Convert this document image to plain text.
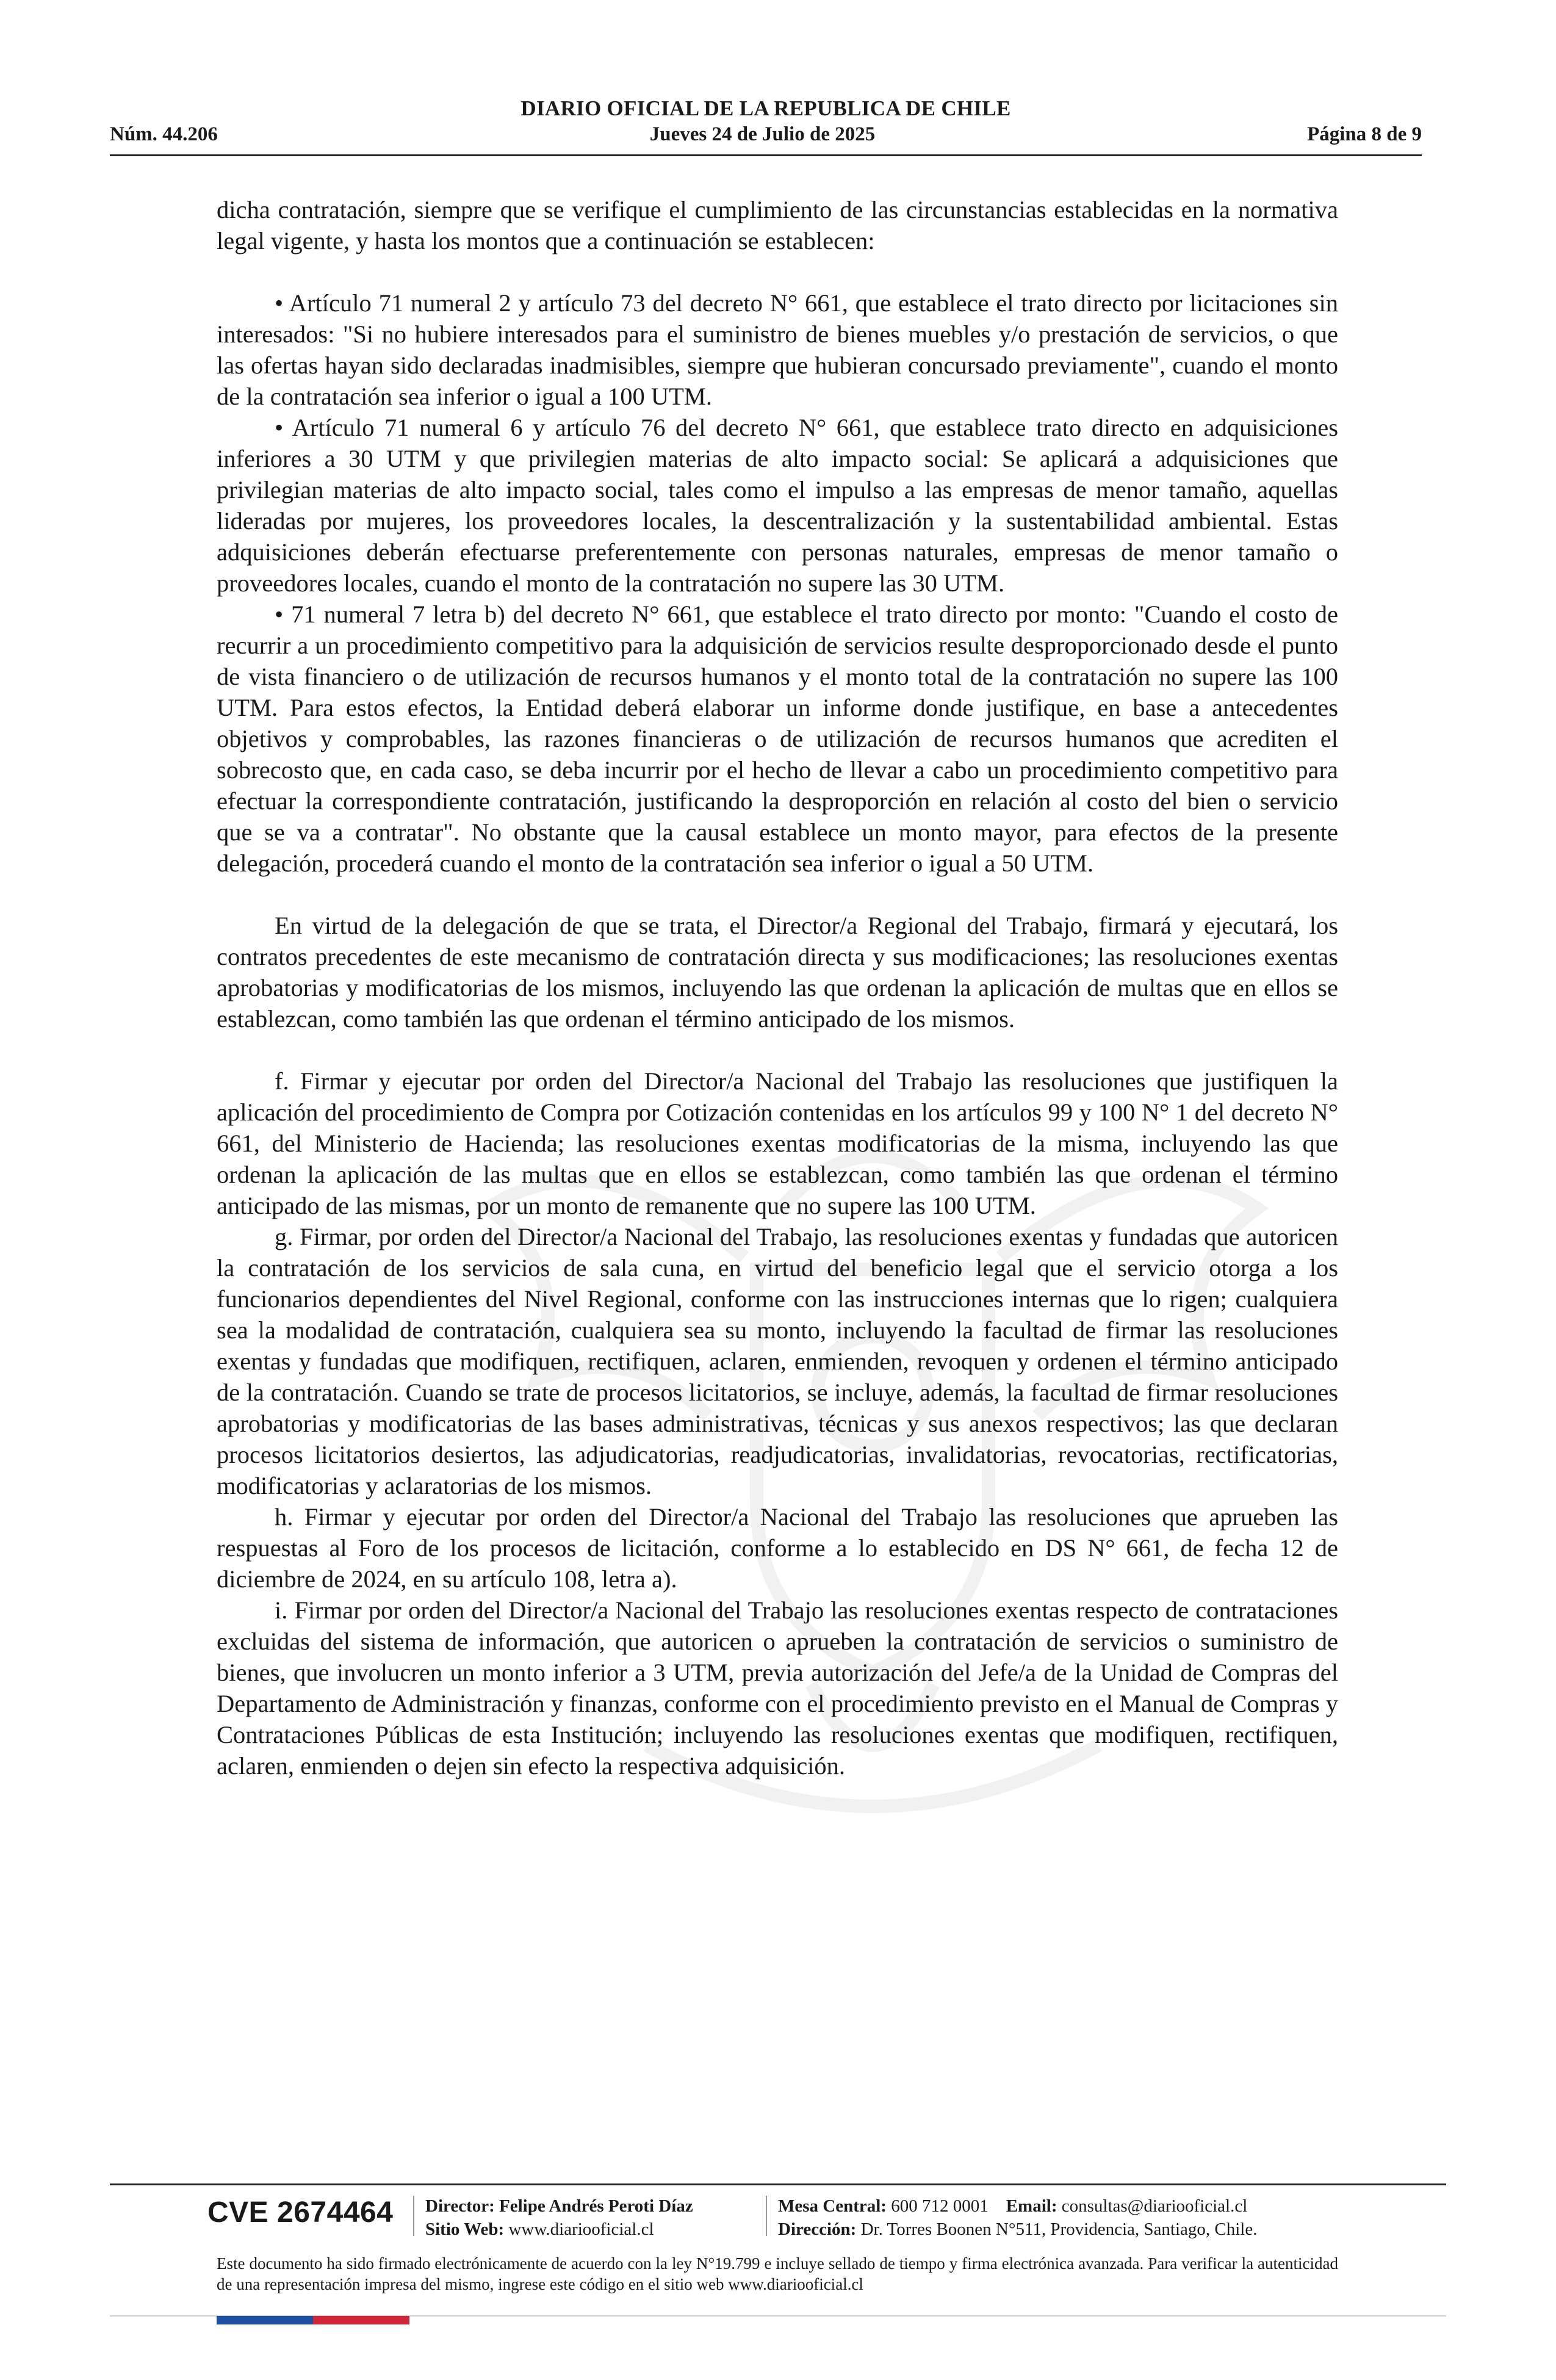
DIARIO OFICIAL DE LA REPUBLICA DE CHILE
Núm. 44.206	Jueves 24 de Julio de 2025	Página 8 de 9

dicha contratación, siempre que se verifique el cumplimiento de las circunstancias establecidas en la normativa legal vigente, y hasta los montos que a continuación se establecen:

• Artículo 71 numeral 2 y artículo 73 del decreto N° 661, que establece el trato directo por licitaciones sin interesados: "Si no hubiere interesados para el suministro de bienes muebles y/o prestación de servicios, o que las ofertas hayan sido declaradas inadmisibles, siempre que hubieran concursado previamente", cuando el monto de la contratación sea inferior o igual a 100 UTM.

• Artículo 71 numeral 6 y artículo 76 del decreto N° 661, que establece trato directo en adquisiciones inferiores a 30 UTM y que privilegien materias de alto impacto social: Se aplicará a adquisiciones que privilegian materias de alto impacto social, tales como el impulso a las empresas de menor tamaño, aquellas lideradas por mujeres, los proveedores locales, la descentralización y la sustentabilidad ambiental. Estas adquisiciones deberán efectuarse preferentemente con personas naturales, empresas de menor tamaño o proveedores locales, cuando el monto de la contratación no supere las 30 UTM.

• 71 numeral 7 letra b) del decreto N° 661, que establece el trato directo por monto: "Cuando el costo de recurrir a un procedimiento competitivo para la adquisición de servicios resulte desproporcionado desde el punto de vista financiero o de utilización de recursos humanos y el monto total de la contratación no supere las 100 UTM. Para estos efectos, la Entidad deberá elaborar un informe donde justifique, en base a antecedentes objetivos y comprobables, las razones financieras o de utilización de recursos humanos que acrediten el sobrecosto que, en cada caso, se deba incurrir por el hecho de llevar a cabo un procedimiento competitivo para efectuar la correspondiente contratación, justificando la desproporción en relación al costo del bien o servicio que se va a contratar". No obstante que la causal establece un monto mayor, para efectos de la presente delegación, procederá cuando el monto de la contratación sea inferior o igual a 50 UTM.

En virtud de la delegación de que se trata, el Director/a Regional del Trabajo, firmará y ejecutará, los contratos precedentes de este mecanismo de contratación directa y sus modificaciones; las resoluciones exentas aprobatorias y modificatorias de los mismos, incluyendo las que ordenan la aplicación de multas que en ellos se establezcan, como también las que ordenan el término anticipado de los mismos.

f. Firmar y ejecutar por orden del Director/a Nacional del Trabajo las resoluciones que justifiquen la aplicación del procedimiento de Compra por Cotización contenidas en los artículos 99 y 100 N° 1 del decreto N° 661, del Ministerio de Hacienda; las resoluciones exentas modificatorias de la misma, incluyendo las que ordenan la aplicación de las multas que en ellos se establezcan, como también las que ordenan el término anticipado de las mismas, por un monto de remanente que no supere las 100 UTM.

g. Firmar, por orden del Director/a Nacional del Trabajo, las resoluciones exentas y fundadas que autoricen la contratación de los servicios de sala cuna, en virtud del beneficio legal que el servicio otorga a los funcionarios dependientes del Nivel Regional, conforme con las instrucciones internas que lo rigen; cualquiera sea la modalidad de contratación, cualquiera sea su monto, incluyendo la facultad de firmar las resoluciones exentas y fundadas que modifiquen, rectifiquen, aclaren, enmienden, revoquen y ordenen el término anticipado de la contratación. Cuando se trate de procesos licitatorios, se incluye, además, la facultad de firmar resoluciones aprobatorias y modificatorias de las bases administrativas, técnicas y sus anexos respectivos; las que declaran procesos licitatorios desiertos, las adjudicatorias, readjudicatorias, invalidatorias, revocatorias, rectificatorias, modificatorias y aclaratorias de los mismos.

h. Firmar y ejecutar por orden del Director/a Nacional del Trabajo las resoluciones que aprueben las respuestas al Foro de los procesos de licitación, conforme a lo establecido en DS N° 661, de fecha 12 de diciembre de 2024, en su artículo 108, letra a).

i. Firmar por orden del Director/a Nacional del Trabajo las resoluciones exentas respecto de contrataciones excluidas del sistema de información, que autoricen o aprueben la contratación de servicios o suministro de bienes, que involucren un monto inferior a 3 UTM, previa autorización del Jefe/a de la Unidad de Compras del Departamento de Administración y finanzas, conforme con el procedimiento previsto en el Manual de Compras y Contrataciones Públicas de esta Institución; incluyendo las resoluciones exentas que modifiquen, rectifiquen, aclaren, enmienden o dejen sin efecto la respectiva adquisición.

CVE 2674464 Director: Felipe Andrés Peroti Díaz
Sitio Web: www.diariooficial.cl
Mesa Central: 600 712 0001 Email: consultas@diariooficial.cl
Dirección: Dr. Torres Boonen N°511, Providencia, Santiago, Chile.
Este documento ha sido firmado electrónicamente de acuerdo con la ley N°19.799 e incluye sellado de tiempo y firma electrónica avanzada. Para verificar la autenticidad de una representación impresa del mismo, ingrese este código en el sitio web www.diariooficial.cl
